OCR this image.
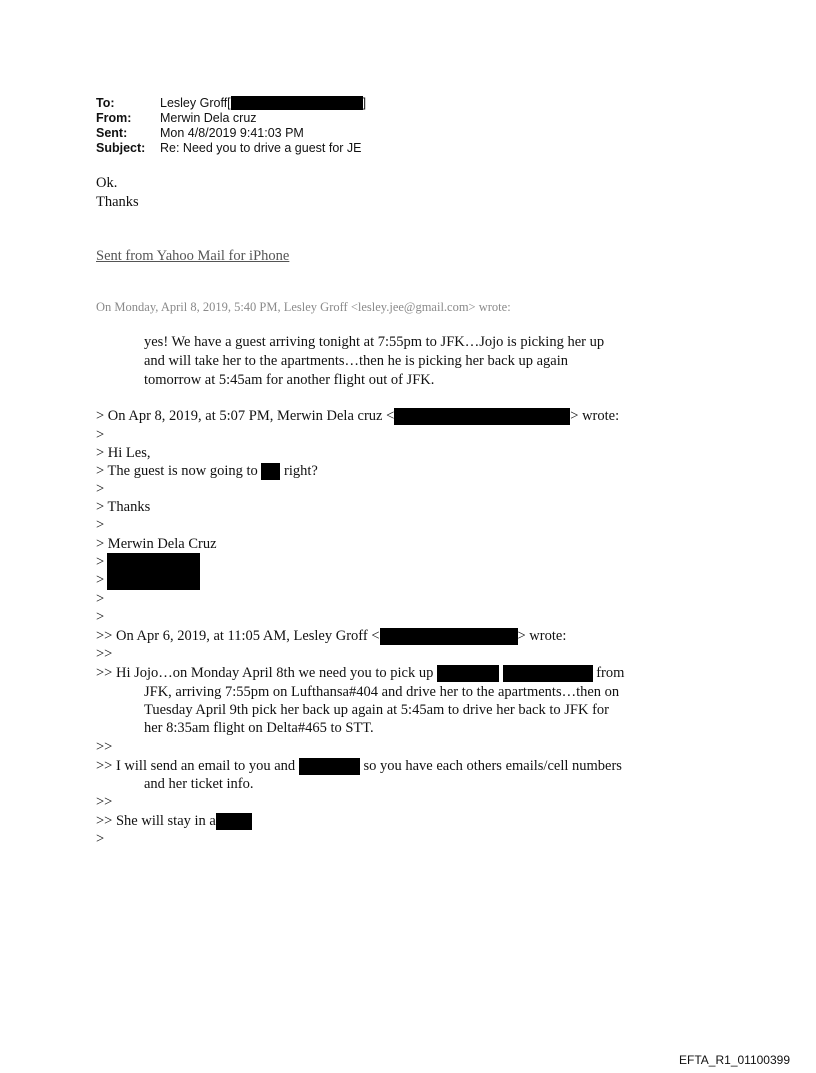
To:	Lesley Groff[	]
From:	Merwin Dela cruz
Sent:	Mon 4/8/2019 9:41:03 PM
Subject:	Re: Need you to drive a guest for JE
Ok.
Thanks
Sent from Yahoo Mail for iPhone
On Monday, April 8, 2019, 5:40 PM, Lesley Groff <lesley.jee@gmail.com> wrote:
yes! We have a guest arriving tonight at 7:55pm to JFK…Jojo is picking her up
and will take her to the apartments…then he is picking her back up again
tomorrow at 5:45am for another flight out of JFK.
> On Apr 8, 2019, at 5:07 PM, Merwin Dela cruz <	> wrote:
>
> Hi Les,
> The guest is now going to right?
>
> Thanks
>
> Merwin Dela Cruz
>
>
>
>
>> On Apr 6, 2019, at 11:05 AM, Lesley Groff <	> wrote:
>>
>> Hi Jojo…on Monday April 8th we need you to pick up	from
JFK, arriving 7:55pm on Lufthansa#404 and drive her to the apartments…then on
Tuesday April 9th pick her back up again at 5:45am to drive her back to JFK for
her 8:35am flight on Delta#465 to STT.
>>
>> I will send an email to you and	so you have each others emails/cell numbers
and her ticket info.
>>
>> She will stay in a
>
EFTA_R1_01100399
